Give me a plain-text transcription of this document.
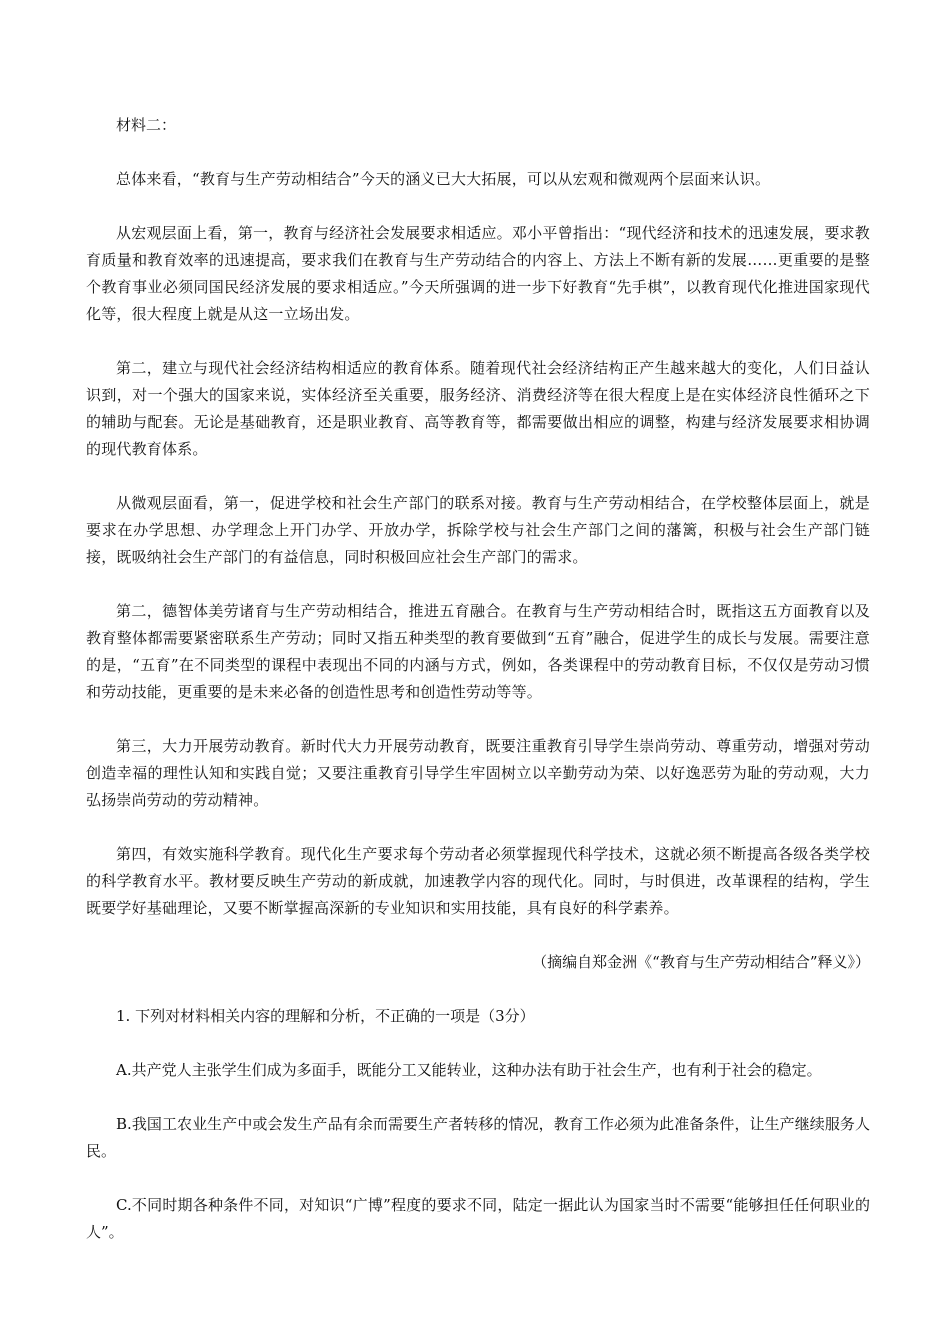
材料二：

总体来看，“教育与生产劳动相结合”今天的涵义已大大拓展，可以从宏观和微观两个层面来认识。

从宏观层面上看，第一，教育与经济社会发展要求相适应。邓小平曾指出：“现代经济和技术的迅速发展，要求教育质量和教育效率的迅速提高，要求我们在教育与生产劳动结合的内容上、方法上不断有新的发展……更重要的是整个教育事业必须同国民经济发展的要求相适应。”今天所强调的进一步下好教育“先手棋”，以教育现代化推进国家现代化等，很大程度上就是从这一立场出发。

第二，建立与现代社会经济结构相适应的教育体系。随着现代社会经济结构正产生越来越大的变化，人们日益认识到，对一个强大的国家来说，实体经济至关重要，服务经济、消费经济等在很大程度上是在实体经济良性循环之下的辅助与配套。无论是基础教育，还是职业教育、高等教育等，都需要做出相应的调整，构建与经济发展要求相协调的现代教育体系。

从微观层面看，第一，促进学校和社会生产部门的联系对接。教育与生产劳动相结合，在学校整体层面上，就是要求在办学思想、办学理念上开门办学、开放办学，拆除学校与社会生产部门之间的藩篱，积极与社会生产部门链接，既吸纳社会生产部门的有益信息，同时积极回应社会生产部门的需求。

第二，德智体美劳诸育与生产劳动相结合，推进五育融合。在教育与生产劳动相结合时，既指这五方面教育以及教育整体都需要紧密联系生产劳动；同时又指五种类型的教育要做到“五育”融合，促进学生的成长与发展。需要注意的是，“五育”在不同类型的课程中表现出不同的内涵与方式，例如，各类课程中的劳动教育目标，不仅仅是劳动习惯和劳动技能，更重要的是未来必备的创造性思考和创造性劳动等等。

第三，大力开展劳动教育。新时代大力开展劳动教育，既要注重教育引导学生崇尚劳动、尊重劳动，增强对劳动创造幸福的理性认知和实践自觉；又要注重教育引导学生牢固树立以辛勤劳动为荣、以好逸恶劳为耻的劳动观，大力弘扬崇尚劳动的劳动精神。

第四，有效实施科学教育。现代化生产要求每个劳动者必须掌握现代科学技术，这就必须不断提高各级各类学校的科学教育水平。教材要反映生产劳动的新成就，加速教学内容的现代化。同时，与时俱进，改革课程的结构，学生既要学好基础理论，又要不断掌握高深新的专业知识和实用技能，具有良好的科学素养。

（摘编自郑金洲《“教育与生产劳动相结合”释义》）

1. 下列对材料相关内容的理解和分析，不正确的一项是（3分）

A.共产党人主张学生们成为多面手，既能分工又能转业，这种办法有助于社会生产，也有利于社会的稳定。

B.我国工农业生产中或会发生产品有余而需要生产者转移的情况，教育工作必须为此准备条件，让生产继续服务人民。

C.不同时期各种条件不同，对知识“广博”程度的要求不同，陆定一据此认为国家当时不需要“能够担任任何职业的人”。
